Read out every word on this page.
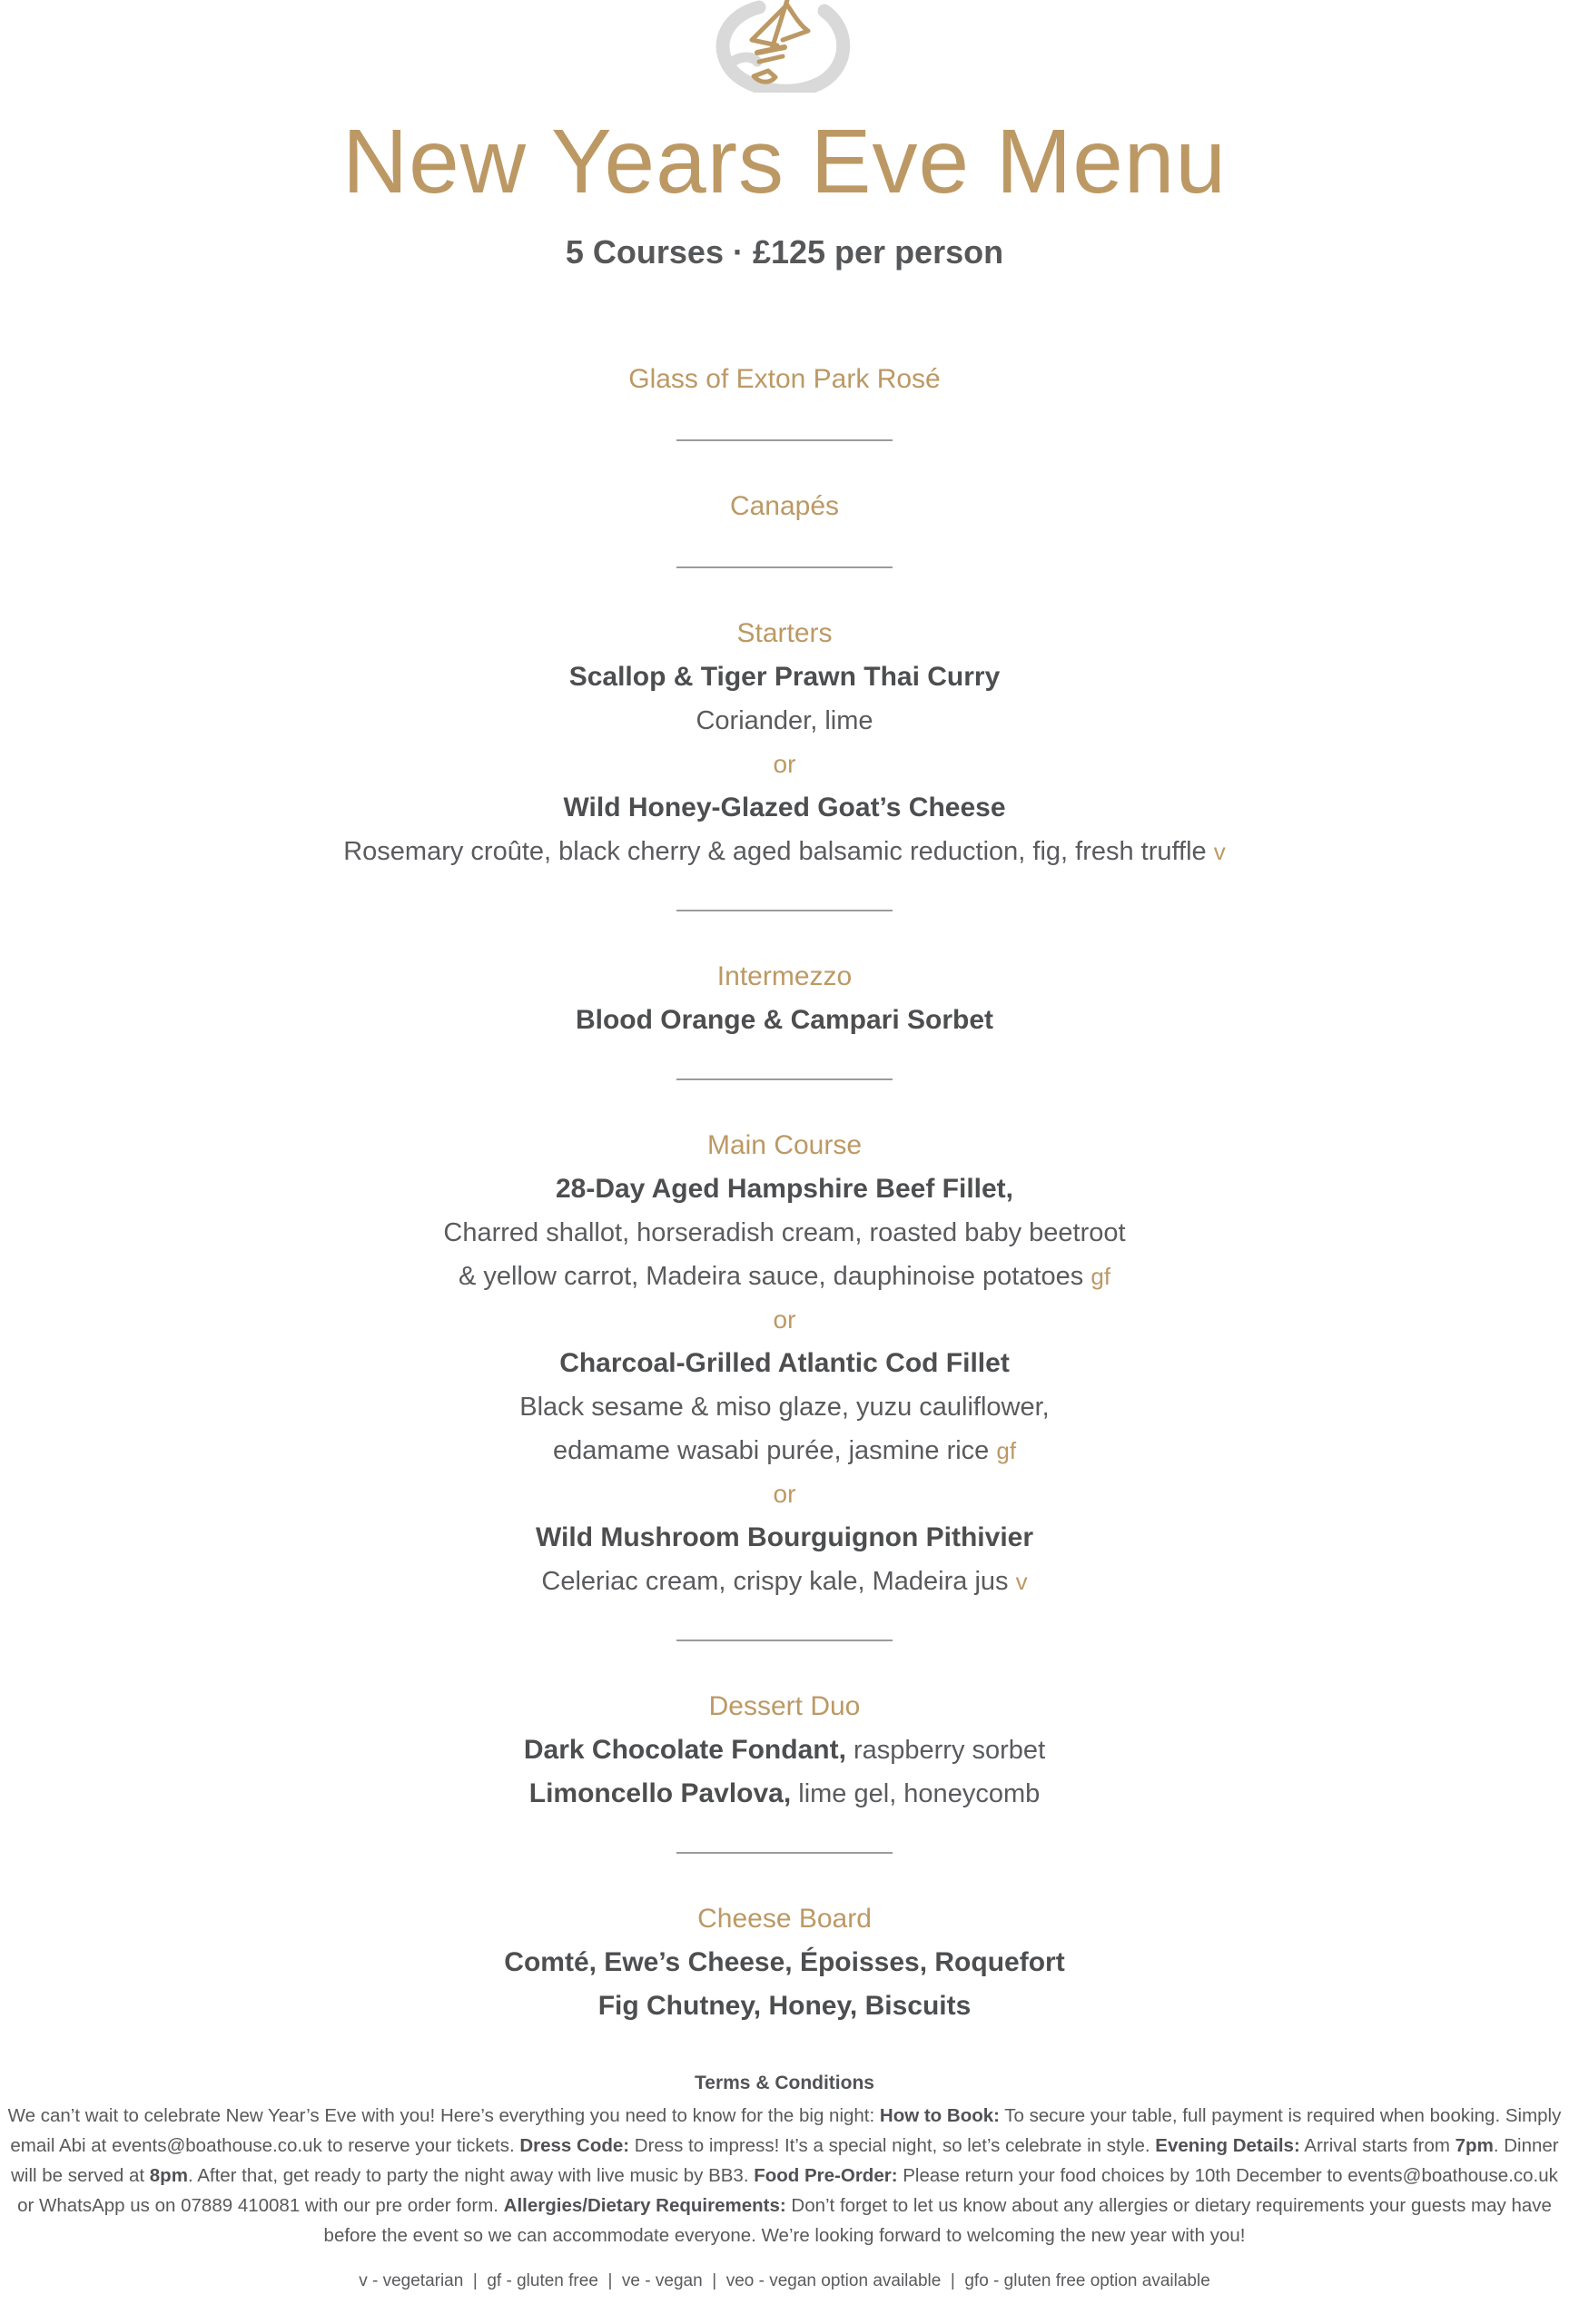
New Years Eve Menu

5 Courses · £125 per person

Glass of Exton Park Rosé

Canapés

Starters

Scallop & Tiger Prawn Thai Curry

Coriander, lime

or

Wild Honey-Glazed Goat’s Cheese

Rosemary croûte, black cherry & aged balsamic reduction, fig, fresh truffle v

Intermezzo

Blood Orange & Campari Sorbet

Main Course

28-Day Aged Hampshire Beef Fillet,

Charred shallot, horseradish cream, roasted baby beetroot

& yellow carrot, Madeira sauce, dauphinoise potatoes gf

or

Charcoal-Grilled Atlantic Cod Fillet

Black sesame & miso glaze, yuzu cauliflower,

edamame wasabi purée, jasmine rice gf

or

Wild Mushroom Bourguignon Pithivier

Celeriac cream, crispy kale, Madeira jus v

Dessert Duo

Dark Chocolate Fondant, raspberry sorbet

Limoncello Pavlova, lime gel, honeycomb

Cheese Board

Comté, Ewe’s Cheese, Époisses, Roquefort

Fig Chutney, Honey, Biscuits

Terms & Conditions

We can’t wait to celebrate New Year’s Eve with you! Here’s everything you need to know for the big night: How to Book: To secure your table, full payment is required when booking. Simply email Abi at events@boathouse.co.uk to reserve your tickets. Dress Code: Dress to impress! It’s a special night, so let’s celebrate in style. Evening Details: Arrival starts from 7pm. Dinner will be served at 8pm. After that, get ready to party the night away with live music by BB3. Food Pre-Order: Please return your food choices by 10th December to events@boathouse.co.uk or WhatsApp us on 07889 410081 with our pre order form. Allergies/Dietary Requirements: Don’t forget to let us know about any allergies or dietary requirements your guests may have before the event so we can accommodate everyone. We’re looking forward to welcoming the new year with you!

v - vegetarian  |  gf - gluten free  |  ve - vegan  |  veo - vegan option available  |  gfo - gluten free option available
